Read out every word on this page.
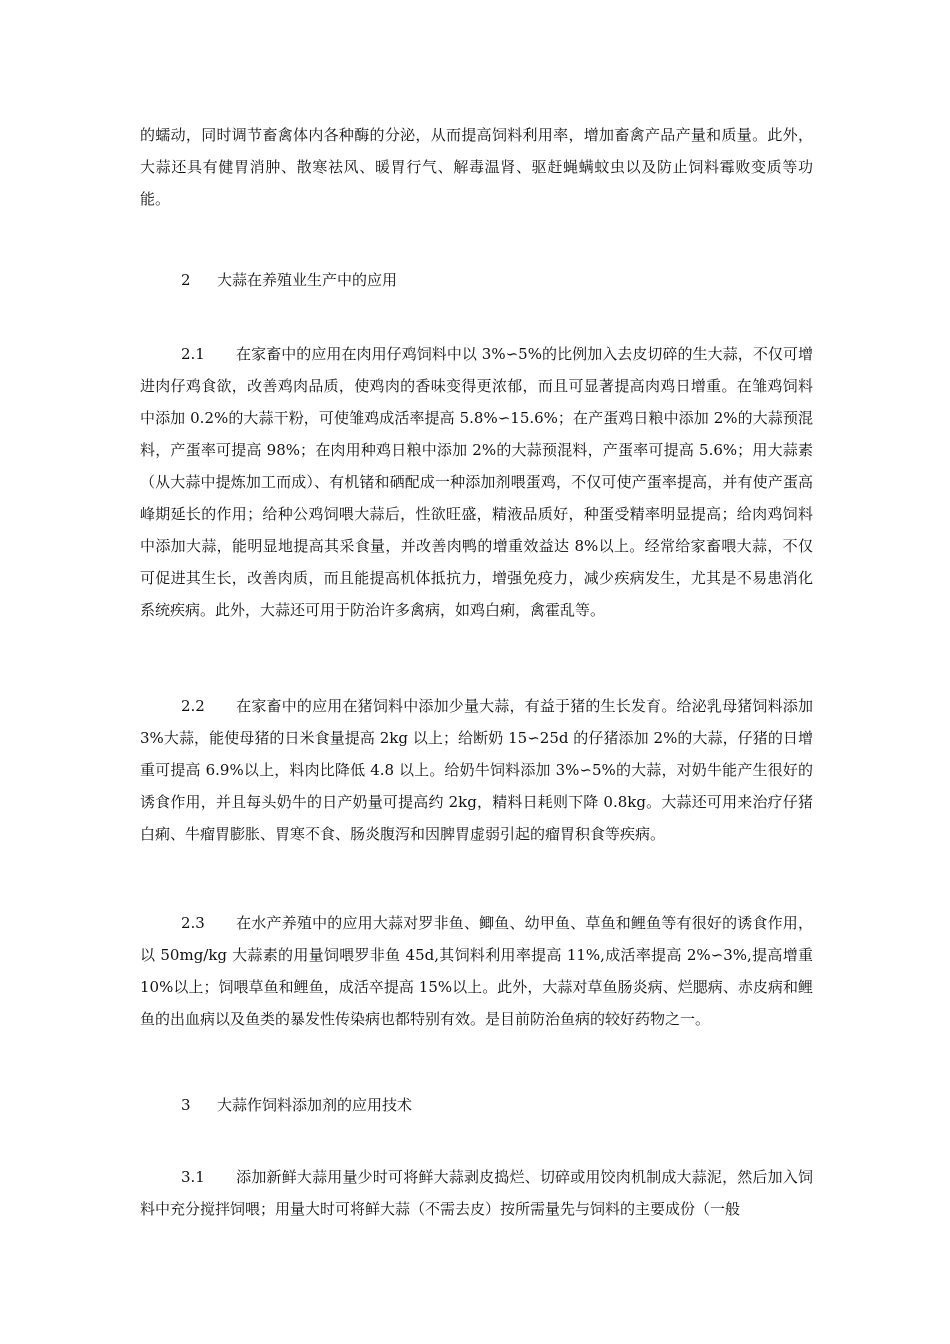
的蠕动，同时调节畜禽体内各种酶的分泌，从而提高饲料利用率，增加畜禽产品产量和质量。此外，大蒜还具有健胃消肿、散寒祛风、暖胃行气、解毒温肾、驱赶蝇螨蚊虫以及防止饲料霉败变质等功能。

2 大蒜在养殖业生产中的应用

2.1 在家畜中的应用在肉用仔鸡饲料中以 3%∽5%的比例加入去皮切碎的生大蒜，不仅可增进肉仔鸡食欲，改善鸡肉品质，使鸡肉的香味变得更浓郁，而且可显著提高肉鸡日增重。在雏鸡饲料中添加 0.2%的大蒜干粉，可使雏鸡成活率提高 5.8%∽15.6%；在产蛋鸡日粮中添加 2%的大蒜预混料，产蛋率可提高 98%；在肉用种鸡日粮中添加 2%的大蒜预混料，产蛋率可提高 5.6%；用大蒜素（从大蒜中提炼加工而成）、有机锗和硒配成一种添加剂喂蛋鸡，不仅可使产蛋率提高，并有使产蛋高峰期延长的作用；给种公鸡饲喂大蒜后，性欲旺盛，精液品质好，种蛋受精率明显提高；给肉鸡饲料中添加大蒜，能明显地提高其采食量，并改善肉鸭的增重效益达 8%以上。经常给家畜喂大蒜，不仅可促进其生长，改善肉质，而且能提高机体抵抗力，增强免疫力，减少疾病发生，尤其是不易患消化系统疾病。此外，大蒜还可用于防治许多禽病，如鸡白痢，禽霍乱等。

2.2 在家畜中的应用在猪饲料中添加少量大蒜，有益于猪的生长发育。给泌乳母猪饲料添加 3%大蒜，能使母猪的日米食量提高 2kg 以上；给断奶 15∽25d 的仔猪添加 2%的大蒜，仔猪的日增重可提高 6.9%以上，料肉比降低 4.8 以上。给奶牛饲料添加 3%∽5%的大蒜，对奶牛能产生很好的诱食作用，并且每头奶牛的日产奶量可提高约 2kg，精料日耗则下降 0.8kg。大蒜还可用来治疗仔猪白痢、牛瘤胃膨胀、胃寒不食、肠炎腹泻和因脾胃虚弱引起的瘤胃积食等疾病。

2.3 在水产养殖中的应用大蒜对罗非鱼、鲫鱼、幼甲鱼、草鱼和鲤鱼等有很好的诱食作用，以 50mg/kg 大蒜素的用量饲喂罗非鱼 45d,其饲料利用率提高 11%,成活率提高 2%∽3%,提高增重 10%以上；饲喂草鱼和鲤鱼，成活卒提高 15%以上。此外，大蒜对草鱼肠炎病、烂腮病、赤皮病和鲤鱼的出血病以及鱼类的暴发性传染病也都特别有效。是目前防治鱼病的较好药物之一。

3 大蒜作饲料添加剂的应用技术

3.1 添加新鲜大蒜用量少时可将鲜大蒜剥皮捣烂、切碎或用饺肉机制成大蒜泥，然后加入饲料中充分搅拌饲喂；用量大时可将鲜大蒜（不需去皮）按所需量先与饲料的主要成份（一般
